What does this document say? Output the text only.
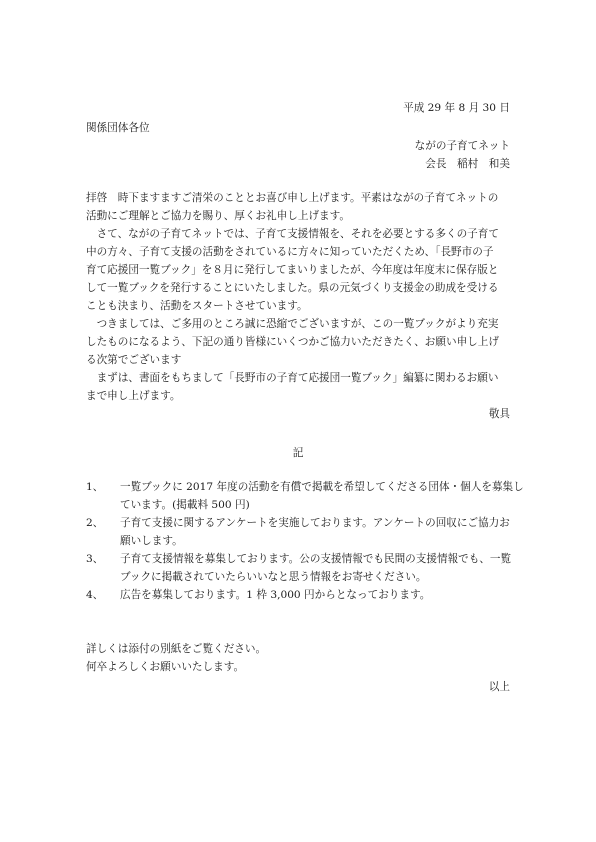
平成 29 年 8 月 30 日
関係団体各位
ながの子育てネット
会長　稲村　和美
拝啓　時下ますますご清栄のこととお喜び申し上げます。平素はながの子育てネットの
活動にご理解とご協力を賜り、厚くお礼申し上げます。
　さて、ながの子育てネットでは、子育て支援情報を、それを必要とする多くの子育て
中の方々、子育て支援の活動をされているに方々に知っていただくため、「長野市の子
育て応援団一覧ブック」を８月に発行してまいりましたが、今年度は年度末に保存版と
して一覧ブックを発行することにいたしました。県の元気づくり支援金の助成を受ける
ことも決まり、活動をスタートさせています。
　つきましては、ご多用のところ誠に恐縮でございますが、この一覧ブックがより充実
したものになるよう、下記の通り皆様にいくつかご協力いただきたく、お願い申し上げ
る次第でございます
　まずは、書面をもちまして「長野市の子育て応援団一覧ブック」編纂に関わるお願い
まで申し上げます。
敬具
記
1、	一覧ブックに 2017 年度の活動を有償で掲載を希望してくださる団体・個人を募集し
ています。(掲載料 500 円)
2、	子育て支援に関するアンケートを実施しております。アンケートの回収にご協力お
願いします。
3、	子育て支援情報を募集しております。公の支援情報でも民間の支援情報でも、一覧
ブックに掲載されていたらいいなと思う情報をお寄せください。
4、	広告を募集しております。1 枠 3,000 円からとなっております。
詳しくは添付の別紙をご覧ください。
何卒よろしくお願いいたします。
以上
